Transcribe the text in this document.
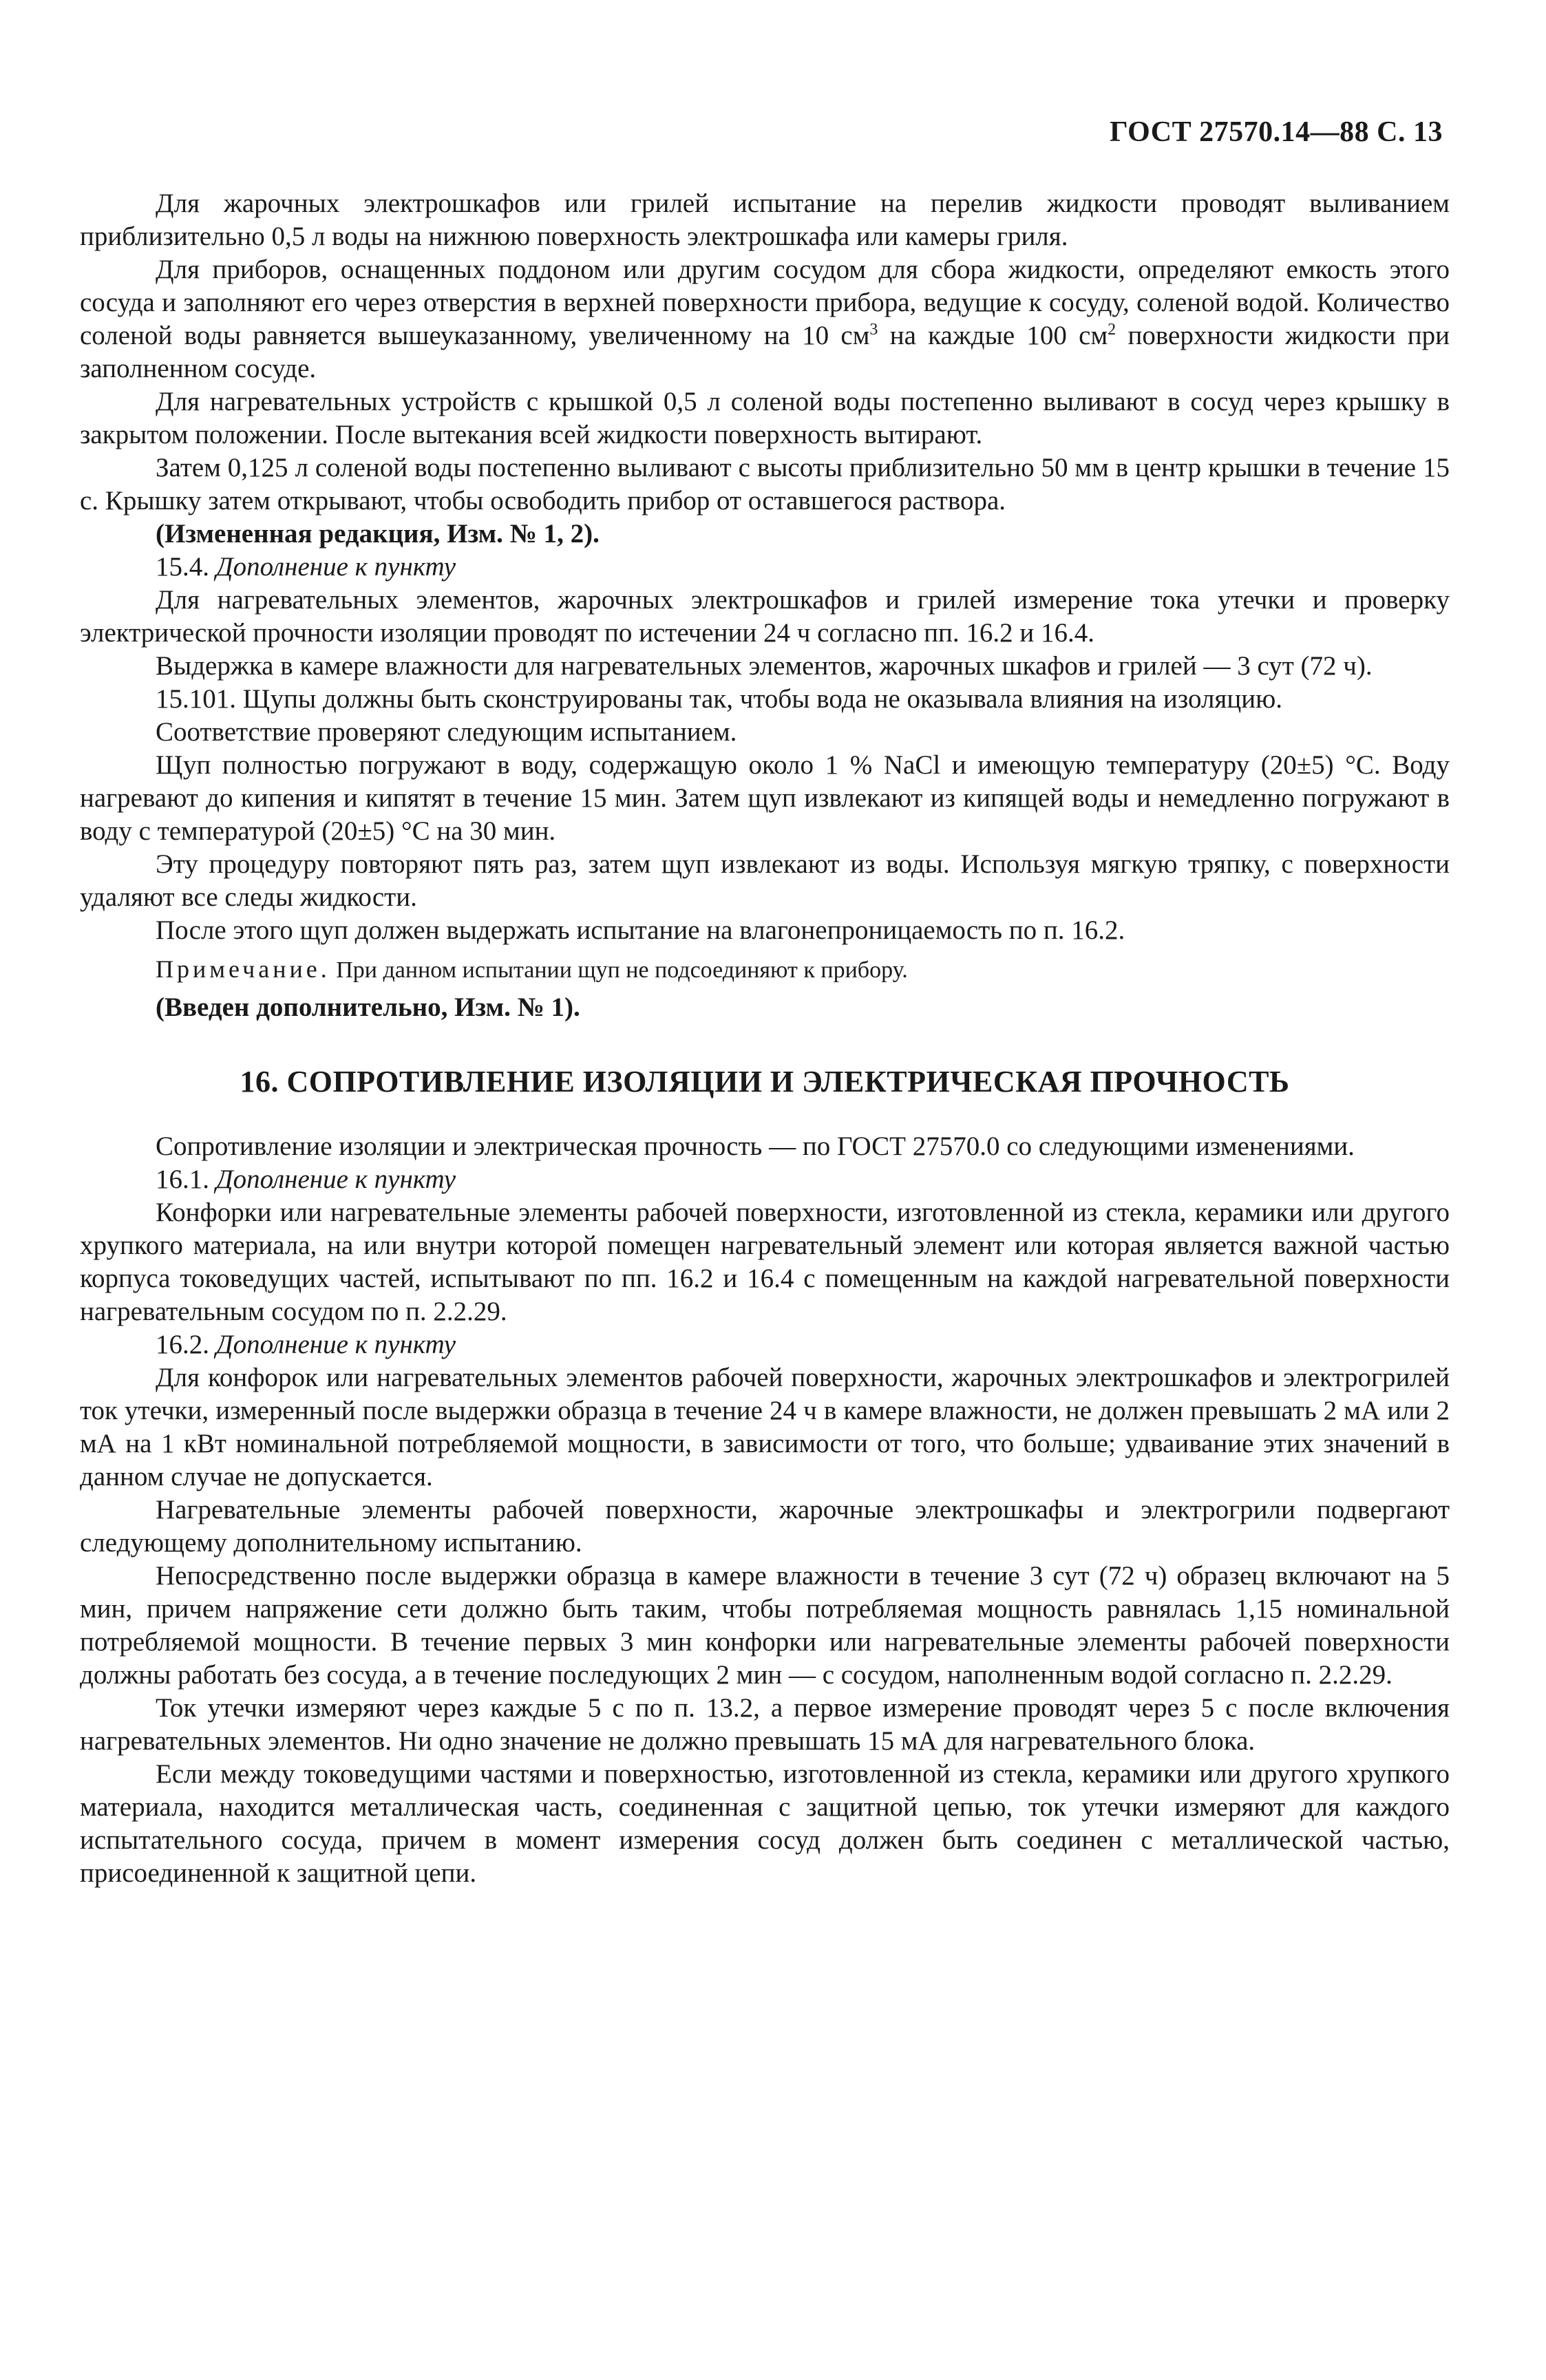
ГОСТ 27570.14—88 С. 13

Для жарочных электрошкафов или грилей испытание на перелив жидкости проводят выливанием приблизительно 0,5 л воды на нижнюю поверхность электрошкафа или камеры гриля.

Для приборов, оснащенных поддоном или другим сосудом для сбора жидкости, определяют емкость этого сосуда и заполняют его через отверстия в верхней поверхности прибора, ведущие к сосуду, соленой водой. Количество соленой воды равняется вышеуказанному, увеличенному на 10 $см^3$ на каждые 100 $см^2$ поверхности жидкости при заполненном сосуде.

Для нагревательных устройств с крышкой 0,5 л соленой воды постепенно выливают в сосуд через крышку в закрытом положении. После вытекания всей жидкости поверхность вытирают.

Затем 0,125 л соленой воды постепенно выливают с высоты приблизительно 50 мм в центр крышки в течение 15 с. Крышку затем открывают, чтобы освободить прибор от оставшегося раствора.

(Измененная редакция, Изм. № 1, 2).

15.4. Дополнение к пункту

Для нагревательных элементов, жарочных электрошкафов и грилей измерение тока утечки и проверку электрической прочности изоляции проводят по истечении 24 ч согласно пп. 16.2 и 16.4.

Выдержка в камере влажности для нагревательных элементов, жарочных шкафов и грилей — 3 сут (72 ч).

15.101. Щупы должны быть сконструированы так, чтобы вода не оказывала влияния на изоляцию.

Соответствие проверяют следующим испытанием.

Щуп полностью погружают в воду, содержащую около 1 % NaCl и имеющую температуру (20±5) °С. Воду нагревают до кипения и кипятят в течение 15 мин. Затем щуп извлекают из кипящей воды и немедленно погружают в воду с температурой (20±5) °С на 30 мин.

Эту процедуру повторяют пять раз, затем щуп извлекают из воды. Используя мягкую тряпку, с поверхности удаляют все следы жидкости.

После этого щуп должен выдержать испытание на влагонепроницаемость по п. 16.2.

Примечание. При данном испытании щуп не подсоединяют к прибору.

(Введен дополнительно, Изм. № 1).

16. СОПРОТИВЛЕНИЕ ИЗОЛЯЦИИ И ЭЛЕКТРИЧЕСКАЯ ПРОЧНОСТЬ

Сопротивление изоляции и электрическая прочность — по ГОСТ 27570.0 со следующими изменениями.

16.1. Дополнение к пункту

Конфорки или нагревательные элементы рабочей поверхности, изготовленной из стекла, керамики или другого хрупкого материала, на или внутри которой помещен нагревательный элемент или которая является важной частью корпуса токоведущих частей, испытывают по пп. 16.2 и 16.4 с помещенным на каждой нагревательной поверхности нагревательным сосудом по п. 2.2.29.

16.2. Дополнение к пункту

Для конфорок или нагревательных элементов рабочей поверхности, жарочных электрошкафов и электрогрилей ток утечки, измеренный после выдержки образца в течение 24 ч в камере влажности, не должен превышать 2 мА или 2 мА на 1 кВт номинальной потребляемой мощности, в зависимости от того, что больше; удваивание этих значений в данном случае не допускается.

Нагревательные элементы рабочей поверхности, жарочные электрошкафы и электрогрили подвергают следующему дополнительному испытанию.

Непосредственно после выдержки образца в камере влажности в течение 3 сут (72 ч) образец включают на 5 мин, причем напряжение сети должно быть таким, чтобы потребляемая мощность равнялась 1,15 номинальной потребляемой мощности. В течение первых 3 мин конфорки или нагревательные элементы рабочей поверхности должны работать без сосуда, а в течение последующих 2 мин — с сосудом, наполненным водой согласно п. 2.2.29.

Ток утечки измеряют через каждые 5 с по п. 13.2, а первое измерение проводят через 5 с после включения нагревательных элементов. Ни одно значение не должно превышать 15 мА для нагревательного блока.

Если между токоведущими частями и поверхностью, изготовленной из стекла, керамики или другого хрупкого материала, находится металлическая часть, соединенная с защитной цепью, ток утечки измеряют для каждого испытательного сосуда, причем в момент измерения сосуд должен быть соединен с металлической частью, присоединенной к защитной цепи.
